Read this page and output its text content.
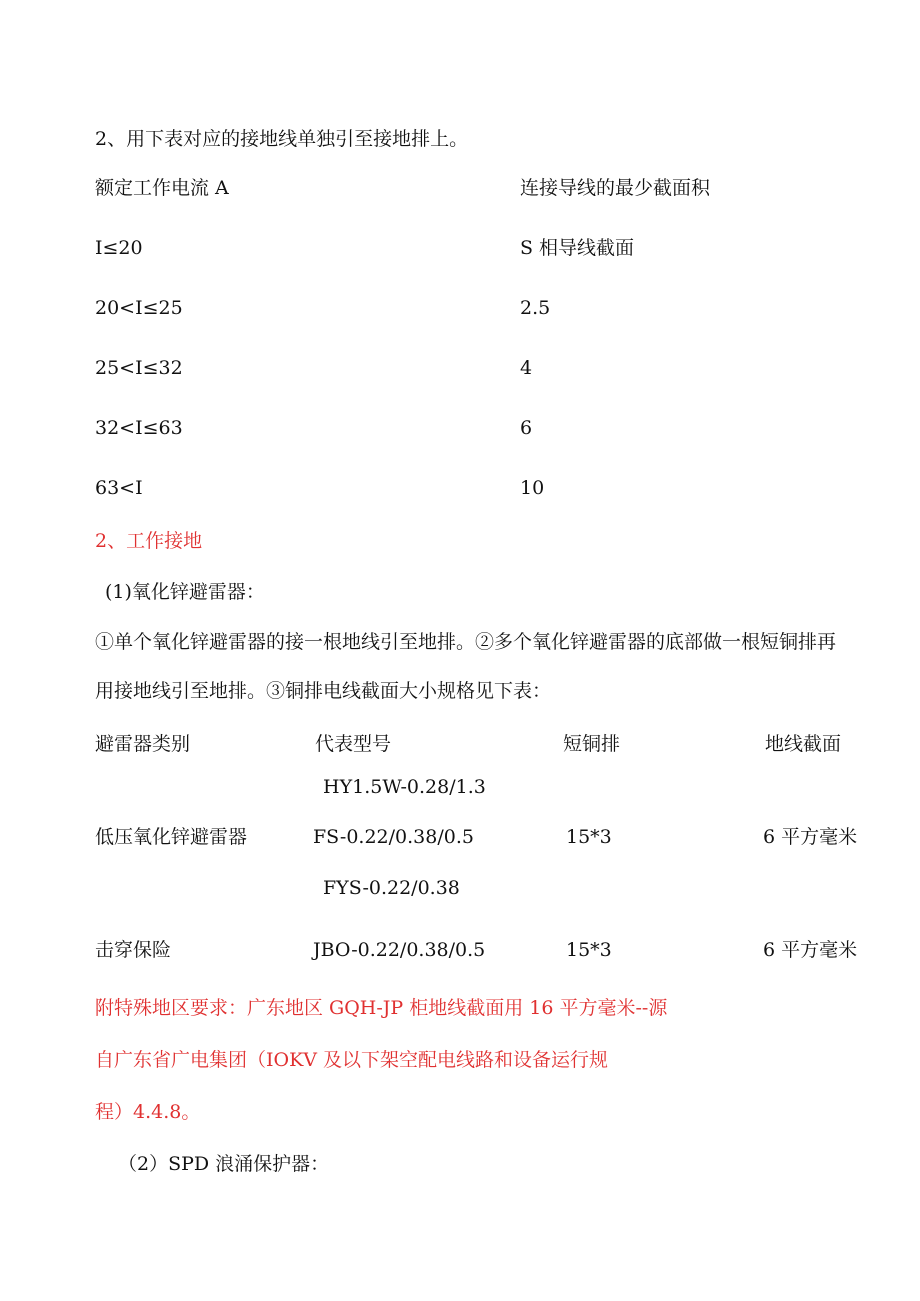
2、用下表对应的接地线单独引至接地排上。
额定工作电流 A	连接导线的最少截面积
I≤20	S 相导线截面
20<I≤25	2.5
25<I≤32	4
32<I≤63	6
63<I	10
2、工作接地
(1)氧化锌避雷器：
①单个氧化锌避雷器的接一根地线引至地排。②多个氧化锌避雷器的底部做一根短铜排再
用接地线引至地排。③铜排电线截面大小规格见下表：
避雷器类别	代表型号	短铜排	地线截面
HY1.5W-0.28/1.3
低压氧化锌避雷器	FS-0.22/0.38/0.5	15*3	6 平方毫米
FYS-0.22/0.38
击穿保险	JBO-0.22/0.38/0.5	15*3	6 平方毫米
附特殊地区要求：广东地区 GQH-JP 柜地线截面用 16 平方毫米--源
自广东省广电集团（IOKV 及以下架空配电线路和设备运行规
程）4.4.8。
（2）SPD 浪涌保护器：
